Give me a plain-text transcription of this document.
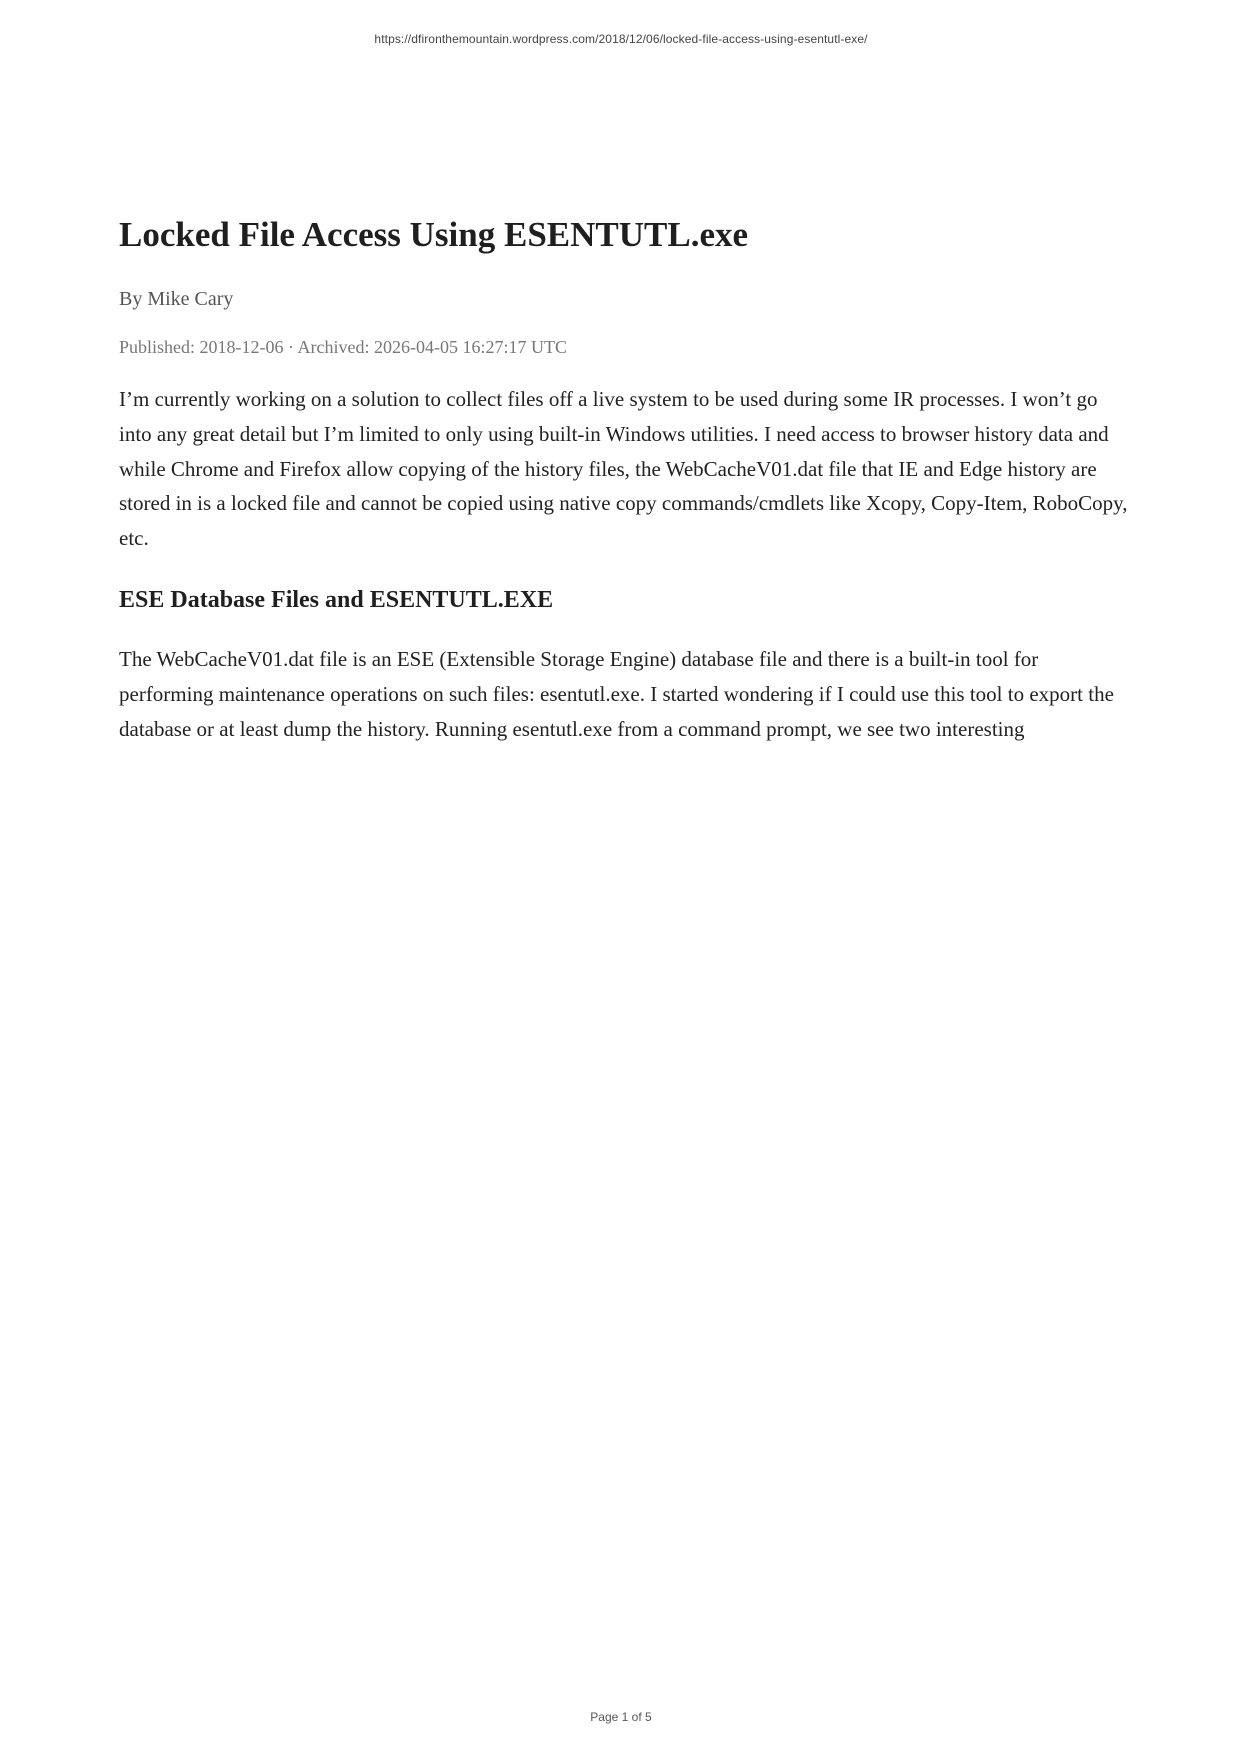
https://dfironthemountain.wordpress.com/2018/12/06/locked-file-access-using-esentutl-exe/
Locked File Access Using ESENTUTL.exe
By Mike Cary
Published: 2018-12-06 · Archived: 2026-04-05 16:27:17 UTC

I’m currently working on a solution to collect files off a live system to be used during some IR processes. I won’t go into any great detail but I’m limited to only using built-in Windows utilities. I need access to browser history data and while Chrome and Firefox allow copying of the history files, the WebCacheV01.dat file that IE and Edge history are stored in is a locked file and cannot be copied using native copy commands/cmdlets like Xcopy, Copy-Item, RoboCopy, etc.

ESE Database Files and ESENTUTL.EXE

The WebCacheV01.dat file is an ESE (Extensible Storage Engine) database file and there is a built-in tool for performing maintenance operations on such files: esentutl.exe. I started wondering if I could use this tool to export the database or at least dump the history. Running esentutl.exe from a command prompt, we see two interesting

Page 1 of 5
